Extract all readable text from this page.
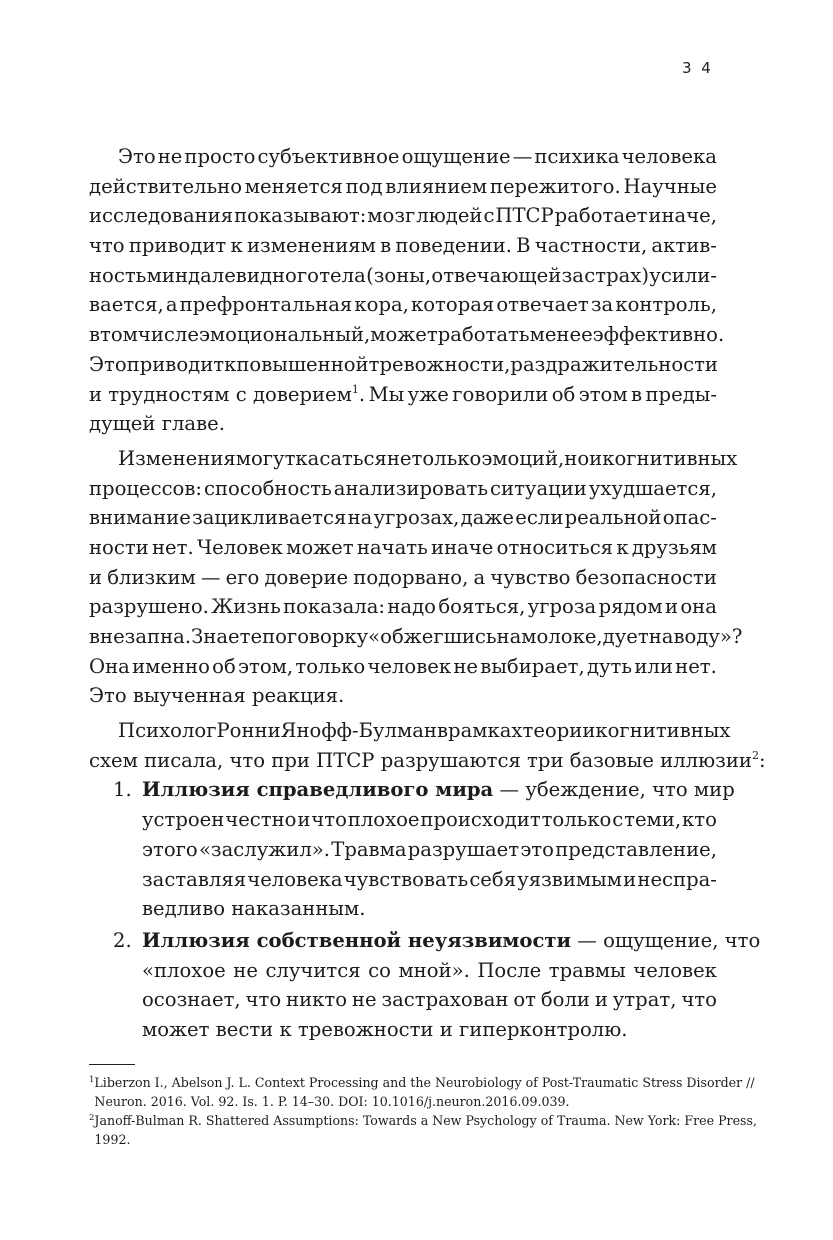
3 4
Это не просто субъективное ощущение — психика человека
действительно меняется под влиянием пережитого. Научные
исследования показывают: мозг людей с ПТСР работает иначе,
что приводит к изменениям в поведении. В частности, актив-
ность миндалевидного тела (зоны, отвечающей за страх) усили-
вается, а префронтальная кора, которая отвечает за контроль,
в том числе эмоциональный, может работать менее эффективно.
Это приводит к повышенной тревожности, раздражительности
и трудностям с доверием$^1$ . Мы уже говорили об этом в преды-
дущей главе.
Изменения могут касаться не только эмоций, но и когнитивных
процессов: способность анализировать ситуации ухудшается,
внимание зацикливается на угрозах, даже если реальной опас-
ности нет. Человек может начать иначе относиться к друзьям
и близким — его доверие подорвано, а чувство безопасности
разрушено. Жизнь показала: надо бояться, угроза рядом и она
внезапна. Знаете поговорку «обжегшись на молоке, дует на воду»?
Она именно об этом, только человек не выбирает, дуть или нет.
Это выученная реакция.
Психолог Ронни Янофф-Булман в рамках теории когнитивных
схем писала, что при ПТСР разрушаются три базовые иллюзии$^2$:
1. Иллюзия справедливого мира — убеждение, что мир
устроен честно и что плохое происходит только с теми, кто
этого «заслужил». Травма разрушает это представление,
заставляя человека чувствовать себя уязвимым и неспра-
ведливо наказанным.
2. Иллюзия собственной неуязвимости — ощущение, что
«плохое не случится со мной». После травмы человек
осознает, что никто не застрахован от боли и утрат, что
может вести к тревожности и гиперконтролю.
1 Liberzon I., Abelson J. L. Context Processing and the Neurobiology of Post-Traumatic Stress Disorder //
Neuron. 2016. Vol. 92. Is. 1. P. 14–30. DOI: 10.1016/j.neuron.2016.09.039.
2 Janoff-Bulman R. Shattered Assumptions: Towards a New Psychology of Trauma. New York: Free Press,
1992.
